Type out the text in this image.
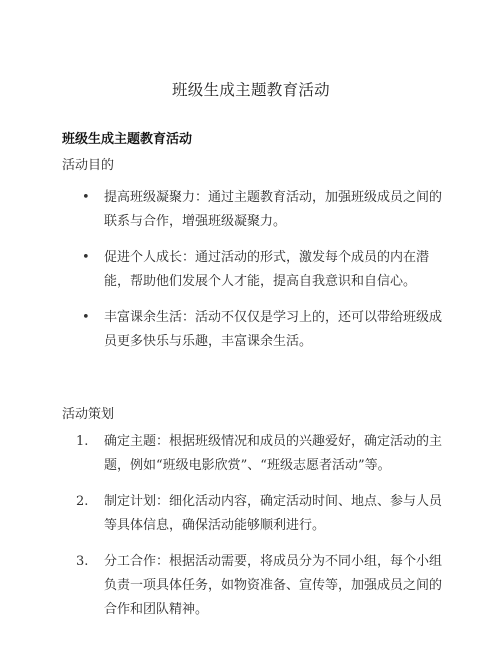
班级生成主题教育活动
班级生成主题教育活动
活动目的
•	提高班级凝聚力：通过主题教育活动，加强班级成员之间的联系与合作，增强班级凝聚力。
•	促进个人成长：通过活动的形式，激发每个成员的内在潜能，帮助他们发展个人才能，提高自我意识和自信心。
•	丰富课余生活：活动不仅仅是学习上的，还可以带给班级成员更多快乐与乐趣，丰富课余生活。
活动策划
1.	确定主题：根据班级情况和成员的兴趣爱好，确定活动的主题，例如“班级电影欣赏”、“班级志愿者活动”等。
2.	制定计划：细化活动内容，确定活动时间、地点、参与人员等具体信息，确保活动能够顺利进行。
3.	分工合作：根据活动需要，将成员分为不同小组，每个小组负责一项具体任务，如物资准备、宣传等，加强成员之间的合作和团队精神。
